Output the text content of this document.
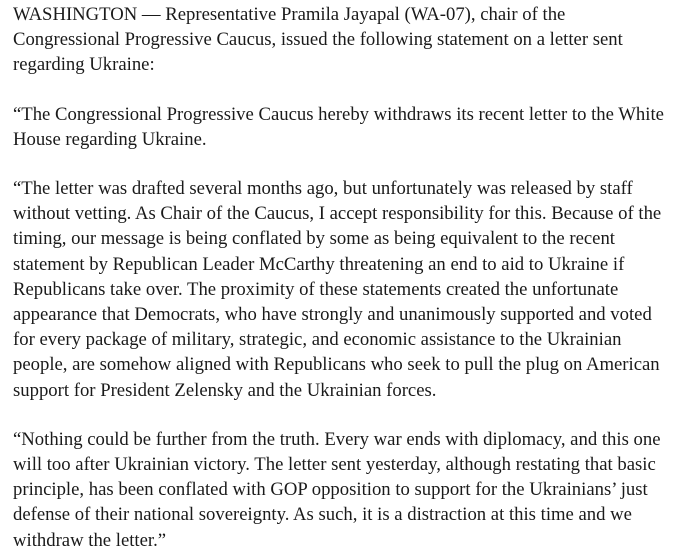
WASHINGTON — Representative Pramila Jayapal (WA-07), chair of the Congressional Progressive Caucus, issued the following statement on a letter sent regarding Ukraine:

“The Congressional Progressive Caucus hereby withdraws its recent letter to the White House regarding Ukraine.

“The letter was drafted several months ago, but unfortunately was released by staff without vetting. As Chair of the Caucus, I accept responsibility for this. Because of the timing, our message is being conflated by some as being equivalent to the recent statement by Republican Leader McCarthy threatening an end to aid to Ukraine if Republicans take over. The proximity of these statements created the unfortunate appearance that Democrats, who have strongly and unanimously supported and voted for every package of military, strategic, and economic assistance to the Ukrainian people, are somehow aligned with Republicans who seek to pull the plug on American support for President Zelensky and the Ukrainian forces.

“Nothing could be further from the truth. Every war ends with diplomacy, and this one will too after Ukrainian victory. The letter sent yesterday, although restating that basic principle, has been conflated with GOP opposition to support for the Ukrainians’ just defense of their national sovereignty. As such, it is a distraction at this time and we withdraw the letter.”
